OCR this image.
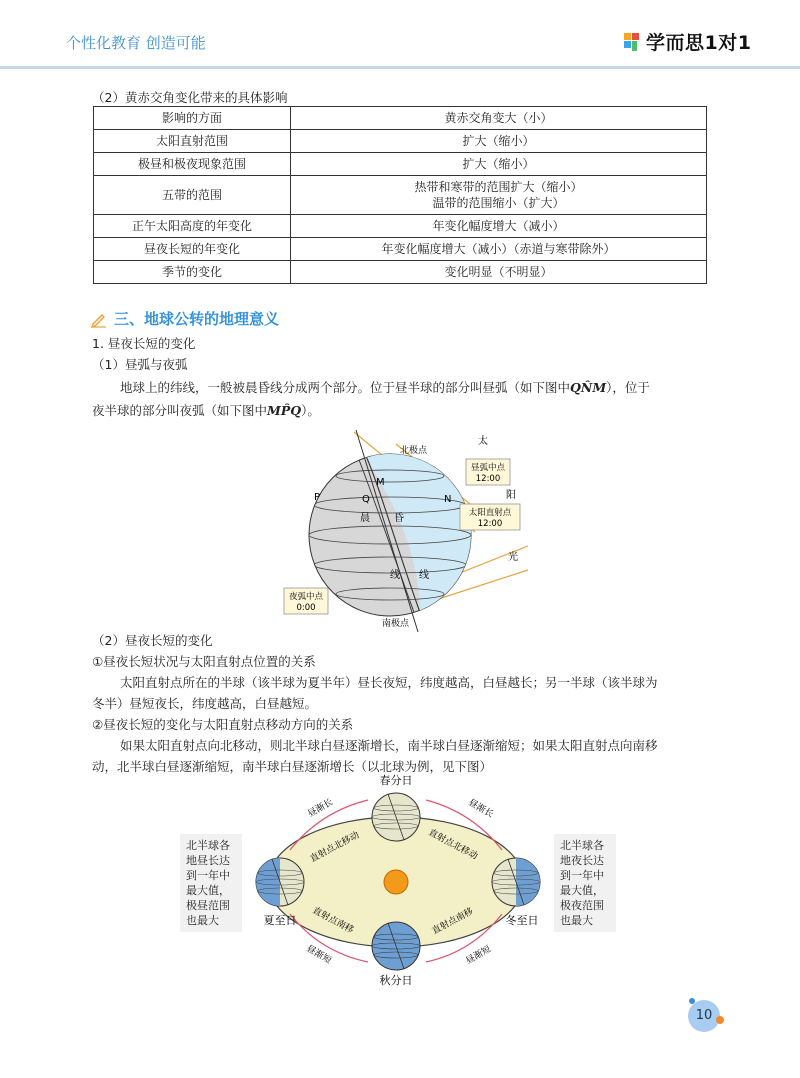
个性化教育 创造可能	学而思1对1
（2）黄赤交角变化带来的具体影响
影响的方面	黄赤交角变大（小）
太阳直射范围	扩大（缩小）

极昼和极夜现象范围	扩大（缩小）

五带的范围	热带和寒带的范围扩大（缩小）
温带的范围缩小（扩大）

正午太阳高度的年变化	年变化幅度增大（减小）

昼夜长短的年变化	年变化幅度增大（减小）（赤道与寒带除外）

季节的变化	变化明显（不明显）
三、地球公转的地理意义
1. 昼夜长短的变化
（1）昼弧与夜弧
地球上的纬线，一般被晨昏线分成两个部分。位于昼半球的部分叫昼弧（如下图中QN̂M），位于
夜半球的部分叫夜弧（如下图中MP̂Q）。
北极点
南极点
P	Q
M
N
晨 昏
线 线
太
阳
光
昼弧中点
12:00
太阳直射点
12:00
夜弧中点
0:00
（2）昼夜长短的变化
①昼夜长短状况与太阳直射点位置的关系
太阳直射点所在的半球（该半球为夏半年）昼长夜短，纬度越高，白昼越长；另一半球（该半球为
冬半）昼短夜长，纬度越高，白昼越短。
②昼夜长短的变化与太阳直射点移动方向的关系
如果太阳直射点向北移动，则北半球白昼逐渐增长，南半球白昼逐渐缩短；如果太阳直射点向南移
动，北半球白昼逐渐缩短，南半球白昼逐渐增长（以北球为例，见下图）
北半球各
地昼长达
到一年中
最大值，
极昼范围
也最大
北半球各
地夜长达
到一年中
最大值，
极夜范围
也最大
春分日
秋分日
夏至日	冬至日
昼渐长	昼渐长
昼渐短	昼渐短
直射点北移动	直射点北移动
直射点南移	直射点南移
10
